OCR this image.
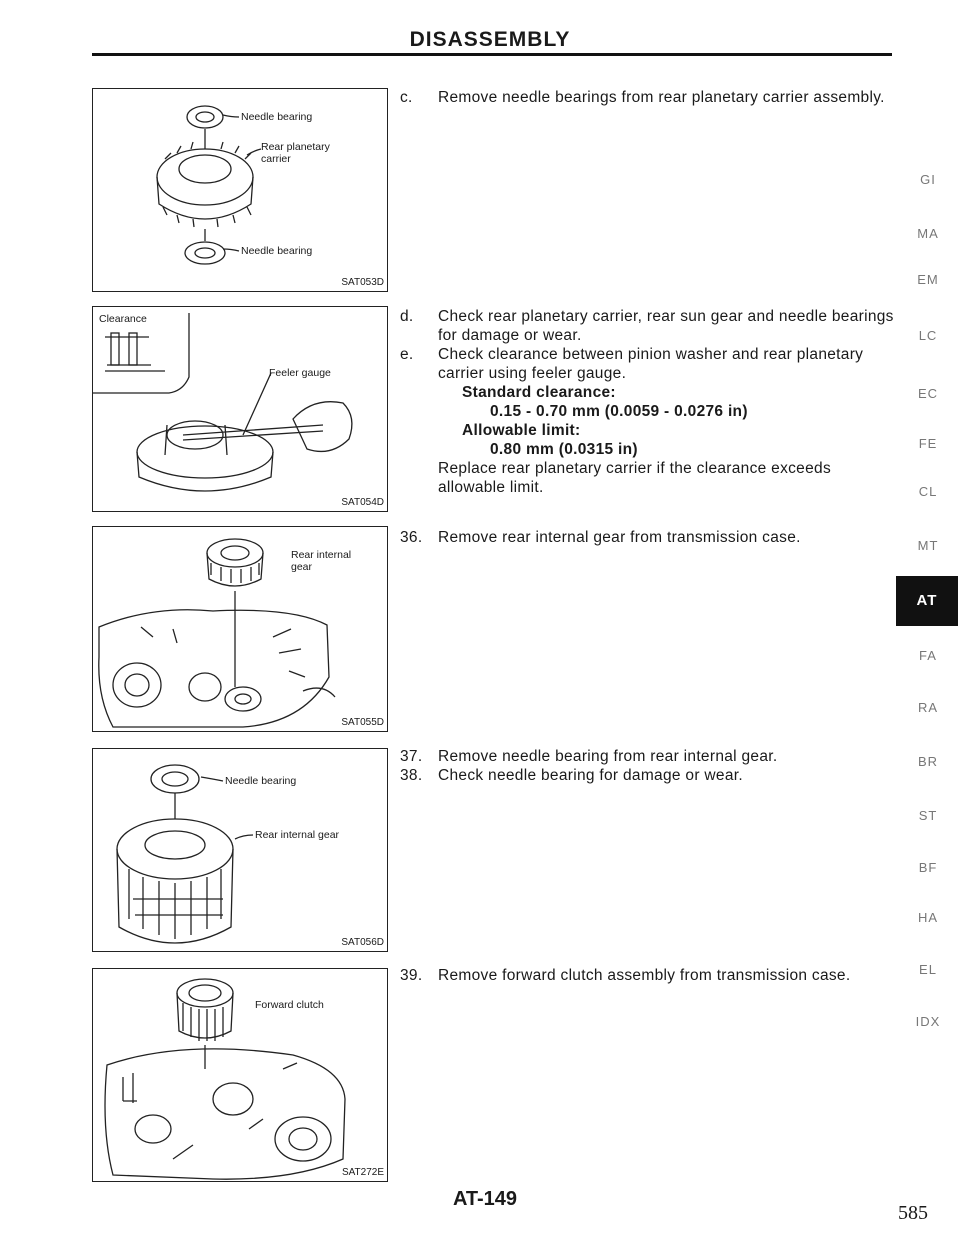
DISASSEMBLY
Needle bearing
Rear planetary
carrier
Needle bearing
SAT053D
Clearance
Feeler gauge
SAT054D
Rear internal
gear
SAT055D
Needle bearing
Rear internal gear
SAT056D
Forward clutch
SAT272E
c. Remove needle bearings from rear planetary carrier assembly.
d. Check rear planetary carrier, rear sun gear and needle bearings for damage or wear.
e. Check clearance between pinion washer and rear planetary carrier using feeler gauge.
Standard clearance:
0.15 - 0.70 mm (0.0059 - 0.0276 in)
Allowable limit:
0.80 mm (0.0315 in)
Replace rear planetary carrier if the clearance exceeds allowable limit.
36. Remove rear internal gear from transmission case.
37. Remove needle bearing from rear internal gear.
38. Check needle bearing for damage or wear.
39. Remove forward clutch assembly from transmission case.
GI
MA
EM
LC
EC
FE
CL
MT
AT
FA
RA
BR
ST
BF
HA
EL
IDX
AT-149
585
